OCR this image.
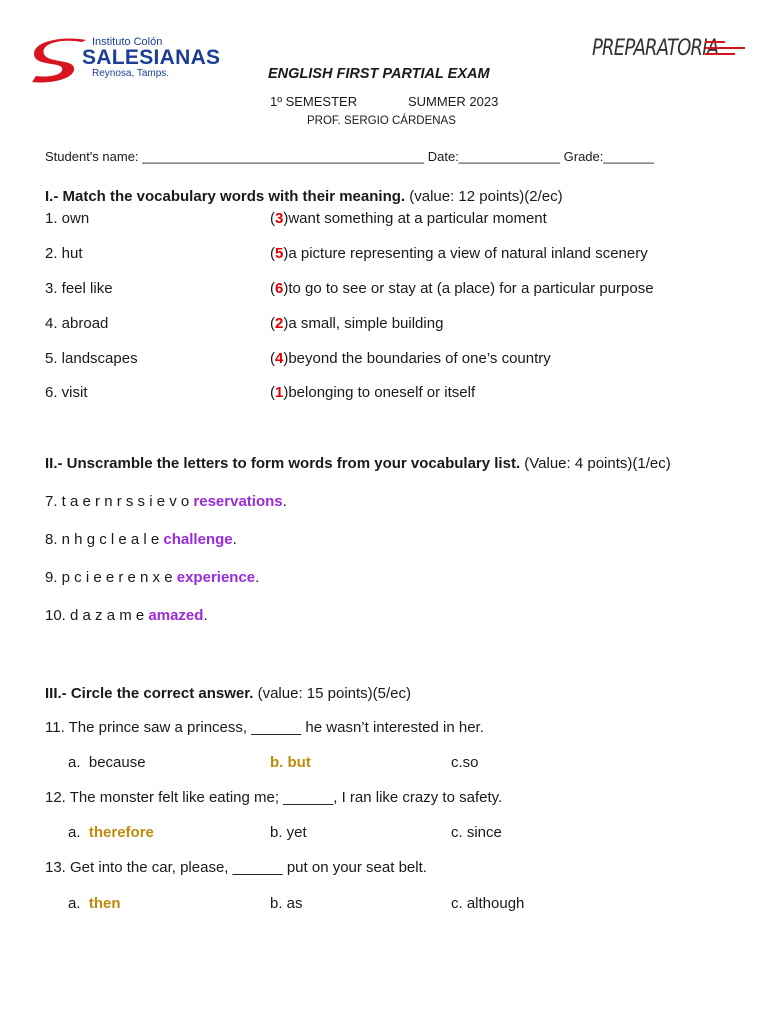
Instituto Colón
SALESIANAS
Reynosa, Tamps.
PREPARATORIA
ENGLISH FIRST PARTIAL EXAM
1º SEMESTER	SUMMER 2023
PROF. SERGIO CÁRDENAS
Student's name: _______________________________________ Date:______________ Grade:_______
I.- Match the vocabulary words with their meaning. (value: 12 points)(2/ec)
1. own	(3)want something at a particular moment
2. hut	(5)a picture representing a view of natural inland scenery
3. feel like	(6)to go to see or stay at (a place) for a particular purpose
4. abroad	(2)a small, simple building
5. landscapes	(4)beyond the boundaries of one’s country
6. visit	(1)belonging to oneself or itself
II.- Unscramble the letters to form words from your vocabulary list. (Value: 4 points)(1/ec)
7. t a e r n r s s i e v o reservations.
8. n h g c l e a l e challenge.
9. p c i e e r e n x e experience.
10. d a z a m e amazed.
III.- Circle the correct answer. (value: 15 points)(5/ec)
11. The prince saw a princess, ______ he wasn’t interested in her.
a. because	b. but	c.so
12. The monster felt like eating me; ______, I ran like crazy to safety.
a. therefore	b. yet	c. since
13. Get into the car, please, ______ put on your seat belt.
a. then	b. as	c. although
